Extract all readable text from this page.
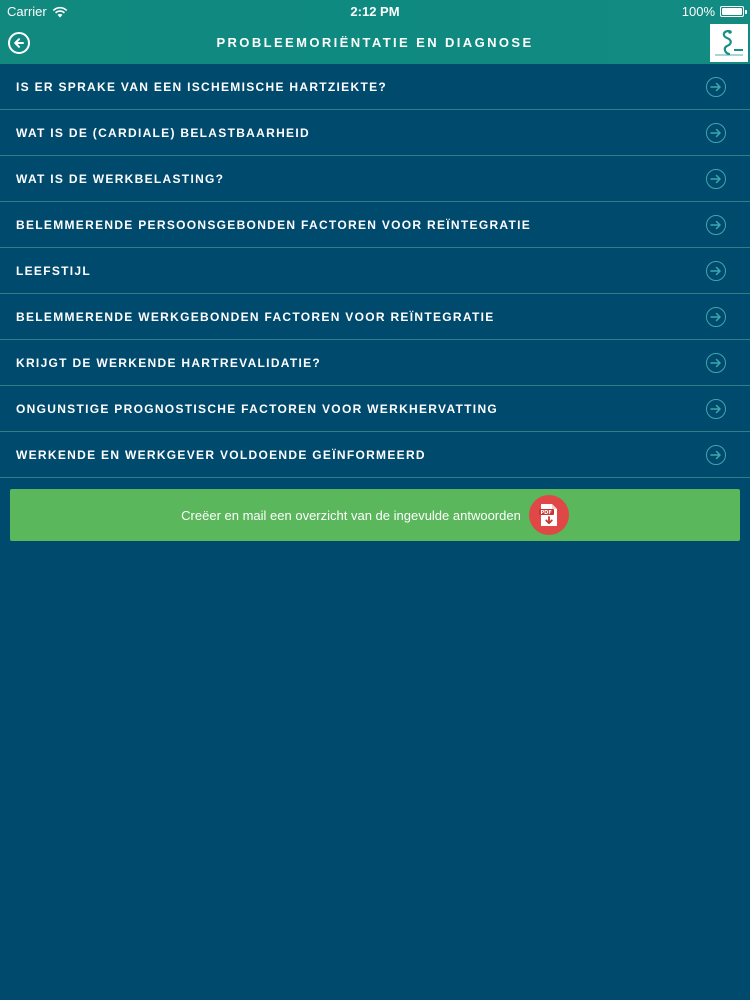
Carrier	2:12 PM	100%
PROBLEEMORIËNTATIE EN DIAGNOSE
IS ER SPRAKE VAN EEN ISCHEMISCHE HARTZIEKTE?
WAT IS DE (CARDIALE) BELASTBAARHEID
WAT IS DE WERKBELASTING?
BELEMMERENDE PERSOONSGEBONDEN FACTOREN VOOR REÏNTEGRATIE
LEEFSTIJL
BELEMMERENDE WERKGEBONDEN FACTOREN VOOR REÏNTEGRATIE
KRIJGT DE WERKENDE HARTREVALIDATIE?
ONGUNSTIGE PROGNOSTISCHE FACTOREN VOOR WERKHERVATTING
WERKENDE EN WERKGEVER VOLDOENDE GEÏNFORMEERD
Creëer en mail een overzicht van de ingevulde antwoorden	PDF
